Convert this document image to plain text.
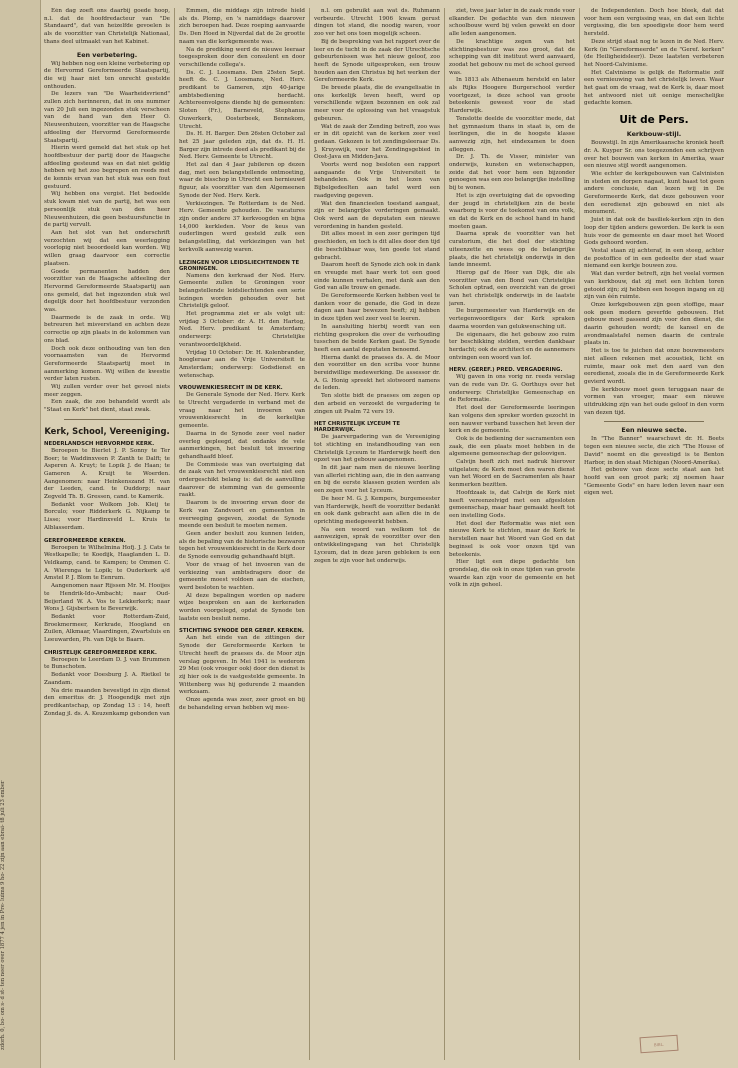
zdorh. 0, bo- om s- d st- ten neer over 1877 4 jen in Pre- luims 9 ho- 22 zijn aan ebrai- t8 juli 23 ember

Eén dag zoeft ons daarbij goede hoop, n.l. dat de hoofdredacteur van "De Standaard", dat van heizelfde gevoelen is als de voorzitter van Christelijk Nationaal, thans deel uitmaakt van het Kabinet.

Een verbetering.

Wij hebben nog een kleine verbetering op de Hervormd Gereformeerde Staatspartij, die wij haar niet ten onrecht gestelde onthouden.

De lezers van "De Waarheidsvriend" zullen zich herinneren, dat in ons nummer van 20 Juli een ingezonden stuk verscheen van de hand van den Heer O. Nieuwenhuizen, voorzitter van de Haagsche afdeeling der Hervormd Gereformeerde Staatspartij.

Hierin werd gemeld dat het stuk op het hoofdbestuur der partij door de Haagsche afdeeling gesteund was en dat niet geldig hebben wij het zoo begrepen en reeds met de kennis ervan van het stuk was een fout gestuurd.

Wij hebben ons vergist. Het bedoelde stuk kwam niet van de partij, het was een persoonlijk stuk van den heer Nieuwenhuizen, die geen bestuursfunctie in de partij vervult.

Aan het slot van het onderschrift verzochten wij dat een weerlegging voorlopig niet beoordeeld kan worden. Wij willen graag daarvoor een correctie plaatsen.

Goede permanenten hadden den voorzitter van de Haagsche afdeeling der Hervormd Gereformeerde Staatspartij aan ons gemeld, dat het ingezonden stuk wel degelijk door het hoofdbestuur verzonden was.

Daarmede is de zaak in orde. Wij betreuren het misverstand en achten deze correctie op zijn plaats in de kolommen van ons blad.

Doch ook deze onthouding van ten den voornaamsten van de Hervormd Gereformeerde Staatspartij moet in aanmerking komen. Wij willen de kwestie verder laten rusten.

Wij zullen verder over het gevoel niets meer zeggen.

Een zaak, die zoo behandeld wordt als "Staat en Kerk" het dient, staat zwak.

Kerk, School, Vereeniging.
NEDERLANDSCH HERVORMDE KERK.

Beroepen te Bierlet J. P. Sonny te Ter Boer; te Waddinxveen P. Zanth te Dalft; te Asperen A. Kruyt; te Lopik J. de Haan; te Gameren A. Kruijt te Woerden. Aangenomen: naar Heinkenszand H. van der Leeden, cand. te Ouddorp; naar Zegveld Th. B. Gressen, cand. te Kamerik.

Bedankt voor Wolkom Job. Kleij te Borculo; voor Ridderkerk G. Nijkamp te Lisse; voor Hardinxveld L. Kruis te Alblasserdam.

GEREFORMEERDE KERKEN.

Beroepen te Wilhelmina Hofj. J. J. Cats te Westkapelle; te Koedijk, Haaglanden L. D. Veldkamp, cand. te Kampen; te Ommen C. A. Wierenga te Lopik; te Ouderkerk a/d Amstel P. J. Blom te Eenrum.

Aangenomen naar Rijssen Mr. M. Hooijes te Hendrik-Ido-Ambacht; naar Oud-Beijerland W. A. Vos te Lekkerkerk; naar Wons J. Gijsbertsen te Beverwijk.

Bedankt voor Rotterdam-Zuid, Broekmermeer, Kerkrade, Hoogland en Zuilen, Alkmaar, Vlaardingen, Zwartsluis en Leeuwarden, Ph. van Dijk te Baarn.

CHRISTELIJK GEREFORMEERDE KERK.

Beroepen te Leerdam D. J. van Brummen te Bunschoten.

Bedankt voor Doesburg J. A. Rietkel te Zaandam.

Na drie maanden bevestigd in zijn dienst den emeritus dr. J. Hoogendijk met zijn predikantschap, op Zondag 13 : 14, heeft Zondag jl. ds. A. Keuzenkamp gebonden van

Emmen, die middags zijn intrede hield als ds. Plomp, en 's namiddags daarover zich beroepen had. Deze roeping aanvaarde Ds. Den Hoed in Nijverdal dat de 2e grootte naam van die kerkgemeente was.

Na de prediking werd de nieuwe leeraar toegesproken door den consulent en door verschillende collega's.

Ds. C. J. Loosmans. Den 25sten Sept. heeft ds. C. J. Loosmans, Ned. Herv. predikant te Gameren, zijn 40-jarige ambtsbediening herdacht. Achtereenvolgens diende hij de gemeenten: Sloten (Fr.), Barneveld, Stephanus Ouwerkerk, Oosterbeek, Bennekom, Utrecht.

Ds. H. H. Barger. Den 26sten October zal het 25 jaar geleden zijn, dat ds. H. H. Barger zijn intrede deed als predikant bij de Ned. Herv. Gemeente te Utrecht.

Het zal dan 4 Jaar jubileren op dezen dag, met een belangstellende ontmoeting, waar de bisschop in Utrecht een hernieuwd figuur, als voorzitter van den Algemeenen Synode der Ned. Herv. Kerk.

Verkiezingen. Te Rotterdam is de Ned. Herv. Gemeente gehouden. De vacatures zijn onder andere 37 kerkvoogden en bijna 14,000 kerkleden. Voor de keus van ouderlingen werd gesteld zulk een belangstelling, dat verkiezingen van het kerkvolk aanwezig waren.

LEZINGEN VOOR LEIDSLIECHTENDEN TE GRONINGEN.

Namens den kerkraad der Ned. Herv. Gemeente zullen te Groningen voor belangstellende leidsliechtenden een serie lezingen worden gehouden over het Christelijk geloof.

Het programma ziet er als volgt uit: vrijdag 3 October: dr. A. H. den Hartog, Ned. Herv. predikant te Amsterdam; onderwerp: Christelijke verantwoordelijkheid.

Vrijdag 10 October: Dr. H. Kolenbrander, hoogleraar aan de Vrije Universiteit te Amsterdam; onderwerp: Godsdienst en wetenschap.

VROUWENKIESRECHT IN DE KERK.

De Generale Synode der Ned. Herv. Kerk te Utrecht vergaderde in verband met de vraag naar het invoeren van vrouwenkiesrecht in de kerkelijke gemeente.

Daarna in de Synode zeer veel nader overleg gepleegd, dat ondanks de vele aanmerkingen, het besluit tot invoering gehandhaafd bleef.

De Commissie was van overtuiging dat de zaak van het vrouwenkiesrecht niet een ordergeschikt belang is: dat de aanvulling daarover de stemming van de gemeente raakt.

Daarom is de invoering ervan door de Kerk van Zandvoort en gemeenten in overweging gegeven, zoodat de Synode meende een besluit te moeten nemen.

Geen ander besluit zou kunnen leiden, als de bepaling van de historische bezwaren tegen het vrouwenkiesrecht in de Kerk door de Synode eenvoudig gehandhaafd blijft.

Voor de vraag of het invoeren van de verkiezing van ambtsdragers door de gemeente moest voldoen aan de eischen, werd besloten te wachten.

Al deze bepalingen worden op nadere wijze besproken en aan de kerkeraden worden voorgelegd, opdat de Synode ten laatste een besluit neme.

STICHTING SYNODE DER GEREF. KERKEN.

Aan het einde van de zittingen der Synode der Gereformeerde Kerken te Utrecht heeft de praeses ds. de Moor zijn verslag gegeven. In Mei 1941 is wederom 29 Mei (ook vroeger ook) door den dienst is zij hier ook is de vastgestelde gemeente. In Wittenberg was hij gedurende 2 maanden werkzaam.

Onze agenda was zeer, zeer groot en bij de behandeling ervan hebben wij mee-

n.l. om gebruikt aan wat ds. Ruhmann verbeurde. Utrecht 1906 kwam gerust dingen tot stand, die noodig waren, voor zoo ver het ons toen mogelijk scheen.

Bij de bespreking van het rapport over de leer en de tucht in de zaak der Utrechtsche gebeurtenissen was het nieuw geloof, zoo heeft de Synode uitgesproken, een trouw houden aan den Christus bij het werken der Gereformeerde Kerk.

De breede plaats, die de evangelisatie in ons kerkelijk leven heeft, werd op verschillende wijzen bezonnen en ook zal meer voor de oplossing van het vraagstuk gebeuren.

Wat de zaak der Zending betreft, zoo was er in dit opzicht van de kerken zeer veel gedaan. Gekozen is tot zendingsleeraar Ds. J. Kruyswijk, voor het Zendingsgebied in Oost-Java en Midden-Java.

Voorts werd nog besloten een rapport aangaande de Vrije Universiteit te behandelen. Ook in het lezen van Bijbelgedeelten aan tafel werd een raadgeving gegeven.

Wat den financieelen toestand aangaat, zijn er belangrijke vorderingen gemaakt. Ook werd aan de deputaten een nieuwe verordening in handen gesteld.

Dit alles moest in een zeer geringen tijd geschieden, en toch is dit alles door den tijd die beschikbaar was, ten goede tot stand gebracht.

Daarom heeft de Synode zich ook in dank en vreugde met haar werk tot een goed einde kunnen verhalen, met dank aan den God van alle trouw en genade.

De Gereformeerde Kerken hebben veel te danken voor de genade, die God in deze dagen aan haar bewezen heeft; zij hebben in deze tijden wel zeer veel te leeren.

In aansluiting hierbij wordt van een richting gesproken die over de verhouding tusschen de beide Kerken gaat. De Synode heeft een aantal deputaten benoemd.

Hierna dankt de praeses ds. A. de Moor den voorzitter en den scriba voor hunne bereidwillige medewerking. De assessor dr. A. G. Honig spreekt het slotwoord namens de leden.

Ten slotte bidt de praeses om zegen op den arbeid en verzoekt de vergadering te zingen uit Psalm 72 vers 19.

HET CHRISTELIJK LYCEUM TE HARDERWIJK.

De jaarvergadering van de Vereeniging tot stichting en instandhouding van een Christelijk Lyceum te Harderwijk heeft den opzet van het gebouw aangenomen.

In dit jaar nam men de nieuwe leerling van allerlei richting aan, die in den aanvang en bij de eerste klassen gezien werden als een zegen voor het Lyceum.

De heer M. G. J. Kempers, burgemeester van Harderwijk, heeft de voorzitter bedankt en ook dank gebracht aan allen die in de oprichting medegewerkt hebben.

Na een woord van welkom tot de aanwezigen, sprak de voorzitter over den ontwikkelingsgang van het Christelijk Lyceum, dat in deze jaren gebleken is een zegen te zijn voor het onderwijs.

ziet, twee jaar later in de zaak ronde voor elkander. De gedachte van den nieuwen schoolbouw werd bij velen gewekt en door alle leden aangenomen.

De krachtige zegen van het stichtingsbestuur was zoo groot, dat de schepping van dit instituut werd aanvaard, zoodat het gebouw nu met de school gereed was.

In 1813 als Athenaeum hersteld en later als Rijks Hoogere Burgerschool verder voortgezet, is deze school van groote beteekenis geweest voor de stad Harderwijk.

Tenslotte deelde de voorzitter mede, dat het gymnasium thans in staat is, om de leerlingen, die in de hoogste klasse aanwezig zijn, het eindexamen te doen afleggen.

Dr. J. Th. de Visser, minister van onderwijs, kunsten en wetenschappen, zeide dat het voor hem een bijzonder genoegen was een zoo belangrijke instelling bij te wonen.

Het is zijn overtuiging dat de opvoeding der jeugd in christelijken zin de beste waarborg is voor de toekomst van ons volk, en dat de Kerk en de school hand in hand moeten gaan.

Daarna sprak de voorzitter van het curatorium, die het doel der stichting uiteenzette en wees op de belangrijke plaats, die het christelijk onderwijs in den lande inneemt.

Hierop gaf de Heer van Dijk, die als voorzitter van den Bond van Christelijke Scholen optrad, een overzicht van de groei van het christelijk onderwijs in de laatste jaren.

De burgemeester van Harderwijk en de vertegenwoordigers der Kerk spraken daarna woorden van gelukwensching uit.

De eigenaars, die het gebouw zoo ruim ter beschikking stelden, werden dankbaar herdacht; ook de architect en de aannemers ontvingen een woord van lof.

HERV. (GEREF.) PRED. VERGADERING.

Wij gaven in ons vorig nr. reeds verslag van de rede van Dr. G. Oorthuys over het onderwerp: Christelijke Gemeenschap en de Reformatie.

Het doel der Gereformeerde leeringen kan volgens den spreker worden gezocht in een nauwer verband tusschen het leven der kerk en de gemeente.

Ook is de bediening der sacramenten een zaak, die een plaats moet hebben in de algemeene gemeenschap der geloovigen.

Calvijn heeft zich met nadruk hierover uitgelaten; de Kerk moet den waren dienst van het Woord en de Sacramenten als haar kenmerken bezitten.

Hoofdzaak is, dat Calvijn de Kerk niet heeft vereenzelvigd met een afgesloten gemeenschap, maar haar gemaakt heeft tot een instelling Gods.

Het doel der Reformatie was niet een nieuwe Kerk te stichten, maar de Kerk te herstellen naar het Woord van God en dat beginsel is ook voor onzen tijd van beteekenis.

Hier ligt een diepe gedachte ten grondslag, die ook in onze tijden van groote waarde kan zijn voor de gemeente en het volk in zijn geheel.

de Independenten. Doch hoe bleek, dat dat voor hem een vergissing was, en dat een lichte vergissing, die ten spoedigste door hem werd hersteld.

Deze strijd staat nog te lezen in de Ned. Herv. Kerk (in "Gereformeerde" en de "Geref. kerken" (de Heiligheidsleer)). Deze laatsten verbeteren het Noord-Calvinisme.

Het Calvinisme is gelijk de Reformatie zelf een vernieuwing van het christelijk leven. Waar het gaat om de vraag, wat de Kerk is, daar moet het antwoord niet uit eenige menschelijke gedachte komen.

Uit de Pers.
Kerkbouw-stijl.

Bouwstijl. In zijn Amerikaansche kroniek heeft dr. A. Kuyper Sr. ons toegezonden een schrijven over het bouwen van kerken in Amerika, waar een nieuwe stijl wordt aangenomen.

Wie echter de kerkgebouwen van Calvinisten in steden en dorpen nagaat, kunt baast tot geen andere conclusie, dan lezen wij in De Gereformeerde Kerk, dat deze gebouwen voor den eeredienst zijn gebouwd en niet als monument.

Juist in dat ook de basiliek-kerken zijn in den loop der tijden anders geworden. De kerk is een huis voor de gemeente en daar moet het Woord Gods gehoord worden.

Vestal staan zij achteraf, in een steeg, achter de postoffice of in een gedeelte der stad waar niemand een kerkje bouwen zou.

Wat dan verder betreft, zijn het veelal vormen van kerkbouw, dat zij met een lichten toren getooid zijn; zij hebben een hoogen ingang en zij zijn van één ruimte.

Onze kerkgebouwen zijn geen stoffige, maar ook geen modern geverfde gebouwen. Het gebouw moet passend zijn voor den dienst, die daarin gehouden wordt; de kansel en de avondmaalstafel nemen daarin de centrale plaats in.

Het is toe te juichen dat onze bouwmeesters niet alleen rekenen met acoustiek, licht en ruimte, maar ook met den aard van den eeredienst, zooals die in de Gereformeerde Kerk gevierd wordt.

De kerkbouw moet geen teruggaan naar de vormen van vroeger, maar een nieuwe uitdrukking zijn van het oude geloof in den vorm van dezen tijd.

Een nieuwe secte.

In "The Banner" waarschuwt dr. H. Beets tegen een nieuwe secte, die zich "The House of David" noemt en die gevestigd is te Benton Harbor, in den staat Michigan (Noord-Amerika).

Het gebouw van deze secte staat aan het hoofd van een groot park; zij noemen haar "Gemeente Gods" en hare leden leven naar een eigen wet.

BIBL.
